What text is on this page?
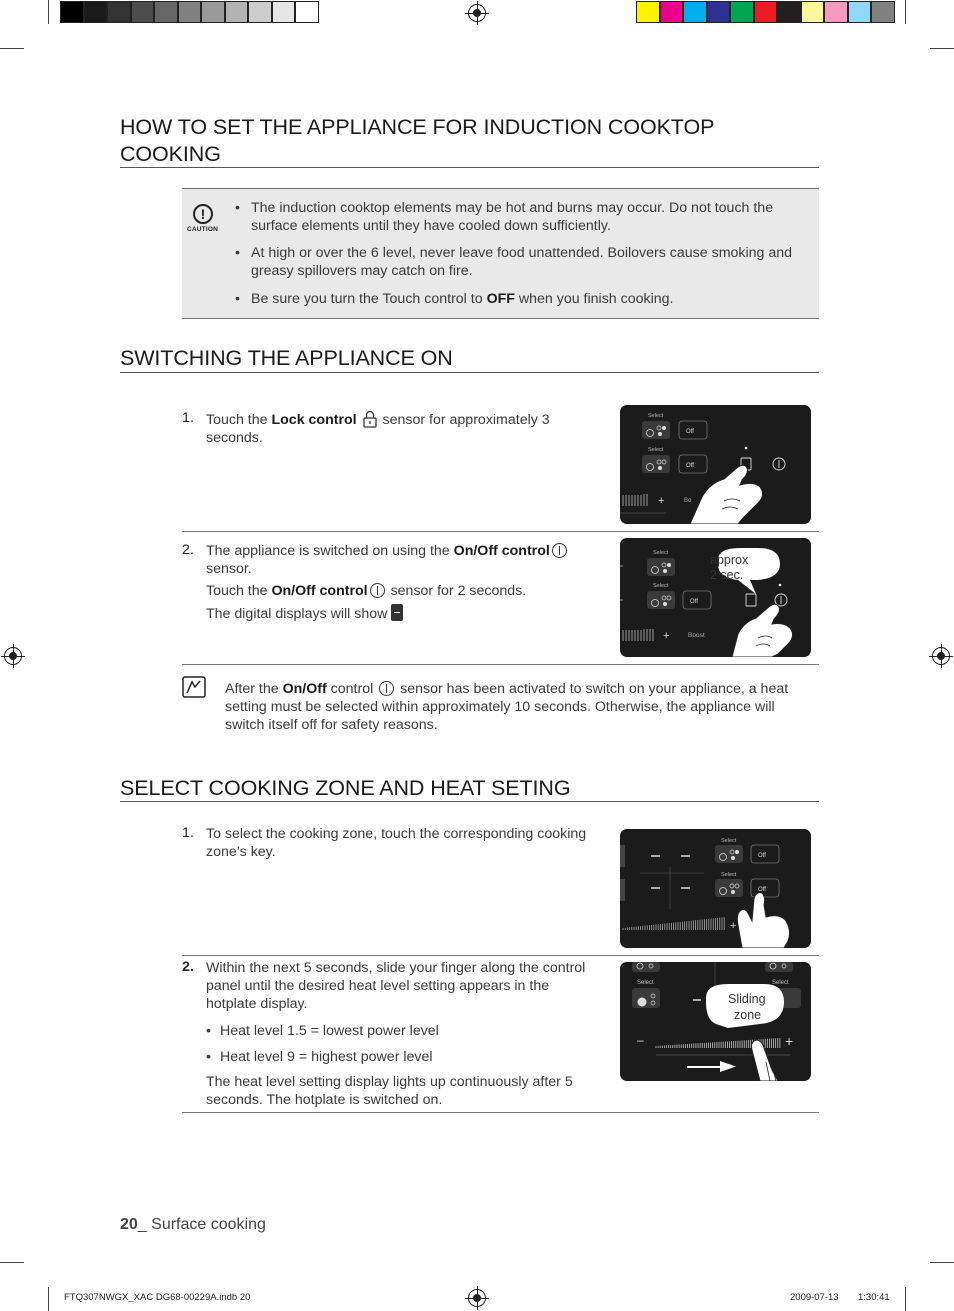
HOW TO SET THE APPLIANCE FOR INDUCTION COOKTOP COOKING
!
CAUTION
• The induction cooktop elements may be hot and burns may occur. Do not touch the surface elements until they have cooled down sufficiently.
• At high or over the 6 level, never leave food unattended. Boilovers cause smoking and greasy spillovers may catch on fire.
• Be sure you turn the Touch control to OFF when you finish cooking.
SWITCHING THE APPLIANCE ON
1 . Touch the Lock control  sensor for approximately 3
seconds.
Select
Off
Select
Off
+	Bo
2 . The appliance is switched on using the On/Off control
sensor.
Touch the On/Off control sensor for 2 seconds.
The digital displays will show
Select
Select
Off
approx
2 sec.
+	Boost
After the On/Off control  sensor has been activated to switch on your appliance, a heat
setting must be selected within approximately 10 seconds. Otherwise, the appliance will
switch itself off for safety reasons.
SELECT COOKING ZONE AND HEAT SETING
1 . To select the cooking zone, touch the corresponding cooking
zone’s key.
Select
Off
Select
Off
+
2. Within the next 5 seconds, slide your finger along the control
panel until the desired heat level setting appears in the
hotplate display.
• Heat level 1.5 = lowest power level
• Heat level 9 = highest power level
The heat level setting display lights up continuously after 5
seconds. The hotplate is switched on.
Select	Select
Sliding
zone
–	+
20_ Surface cooking
FTQ307NWGX_XAC DG68-00229A.indb 20	2009-07-13 1:30:41
